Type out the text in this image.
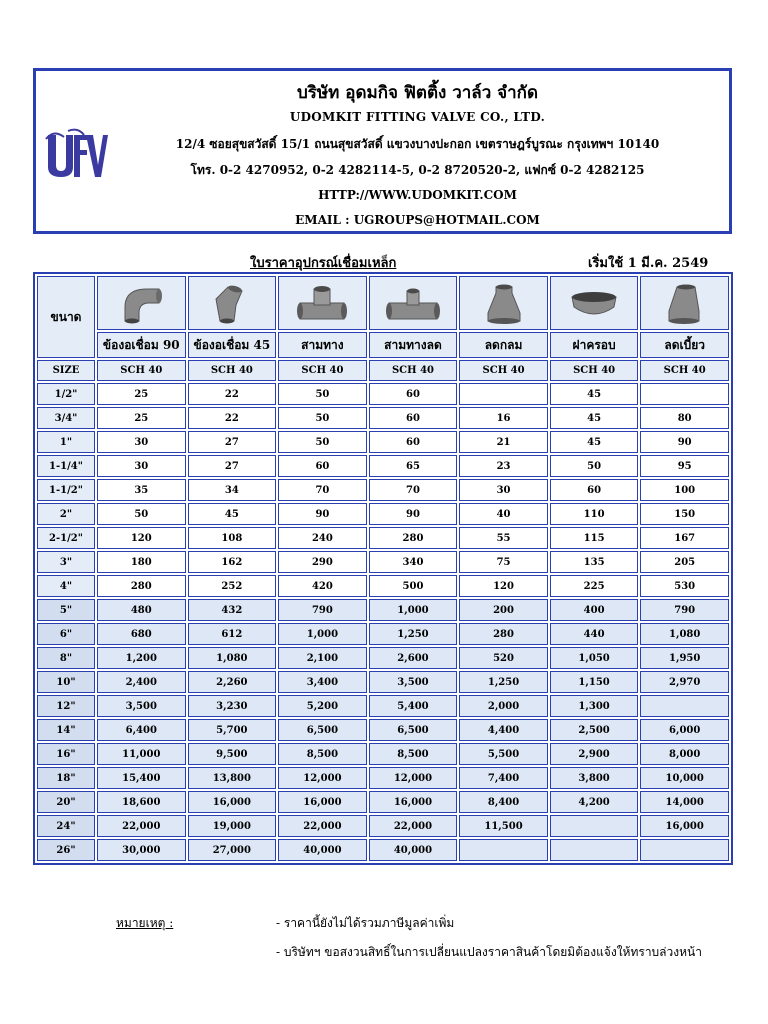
บริษัท อุดมกิจ ฟิตติ้ง วาล์ว จำกัด
UDOMKIT FITTING VALVE CO., LTD.
12/4 ซอยสุขสวัสดิ์ 15/1 ถนนสุขสวัสดิ์ แขวงบางปะกอก เขตราษฎร์บูรณะ กรุงเทพฯ 10140
โทร. 0-2 4270952, 0-2 4282114-5, 0-2 8720520-2, แฟกซ์ 0-2 4282125
HTTP://WWW.UDOMKIT.COM
EMAIL : UGROUPS@HOTMAIL.COM
ใบราคาอุปกรณ์เชื่อมเหล็ก	เริ่มใช้ 1 มี.ค. 2549
ขนาด	

	ข้องอเชื่อม 90	ข้องอเชื่อม 45	สามทาง	สามทางลด	ลดกลม	ฝาครอบ	ลดเบี้ยว
SIZE	SCH 40	SCH 40	SCH 40	SCH 40	SCH 40	SCH 40	SCH 40
1/2"	25	22	50	60		45	
3/4"	25	22	50	60	16	45	80
1"	30	27	50	60	21	45	90
1-1/4"	30	27	60	65	23	50	95
1-1/2"	35	34	70	70	30	60	100
2"	50	45	90	90	40	110	150
2-1/2"	120	108	240	280	55	115	167
3"	180	162	290	340	75	135	205
4"	280	252	420	500	120	225	530
5"	480	432	790	1,000	200	400	790
6"	680	612	1,000	1,250	280	440	1,080
8"	1,200	1,080	2,100	2,600	520	1,050	1,950
10"	2,400	2,260	3,400	3,500	1,250	1,150	2,970
12"	3,500	3,230	5,200	5,400	2,000	1,300	
14"	6,400	5,700	6,500	6,500	4,400	2,500	6,000
16"	11,000	9,500	8,500	8,500	5,500	2,900	8,000
18"	15,400	13,800	12,000	12,000	7,400	3,800	10,000
20"	18,600	16,000	16,000	16,000	8,400	4,200	14,000
24"	22,000	19,000	22,000	22,000	11,500		16,000
26"	30,000	27,000	40,000	40,000			
หมายเหตุ :	- ราคานี้ยังไม่ได้รวมภาษีมูลค่าเพิ่ม
- บริษัทฯ ขอสงวนสิทธิ์ในการเปลี่ยนแปลงราคาสินค้าโดยมิต้องแจ้งให้ทราบล่วงหน้า
